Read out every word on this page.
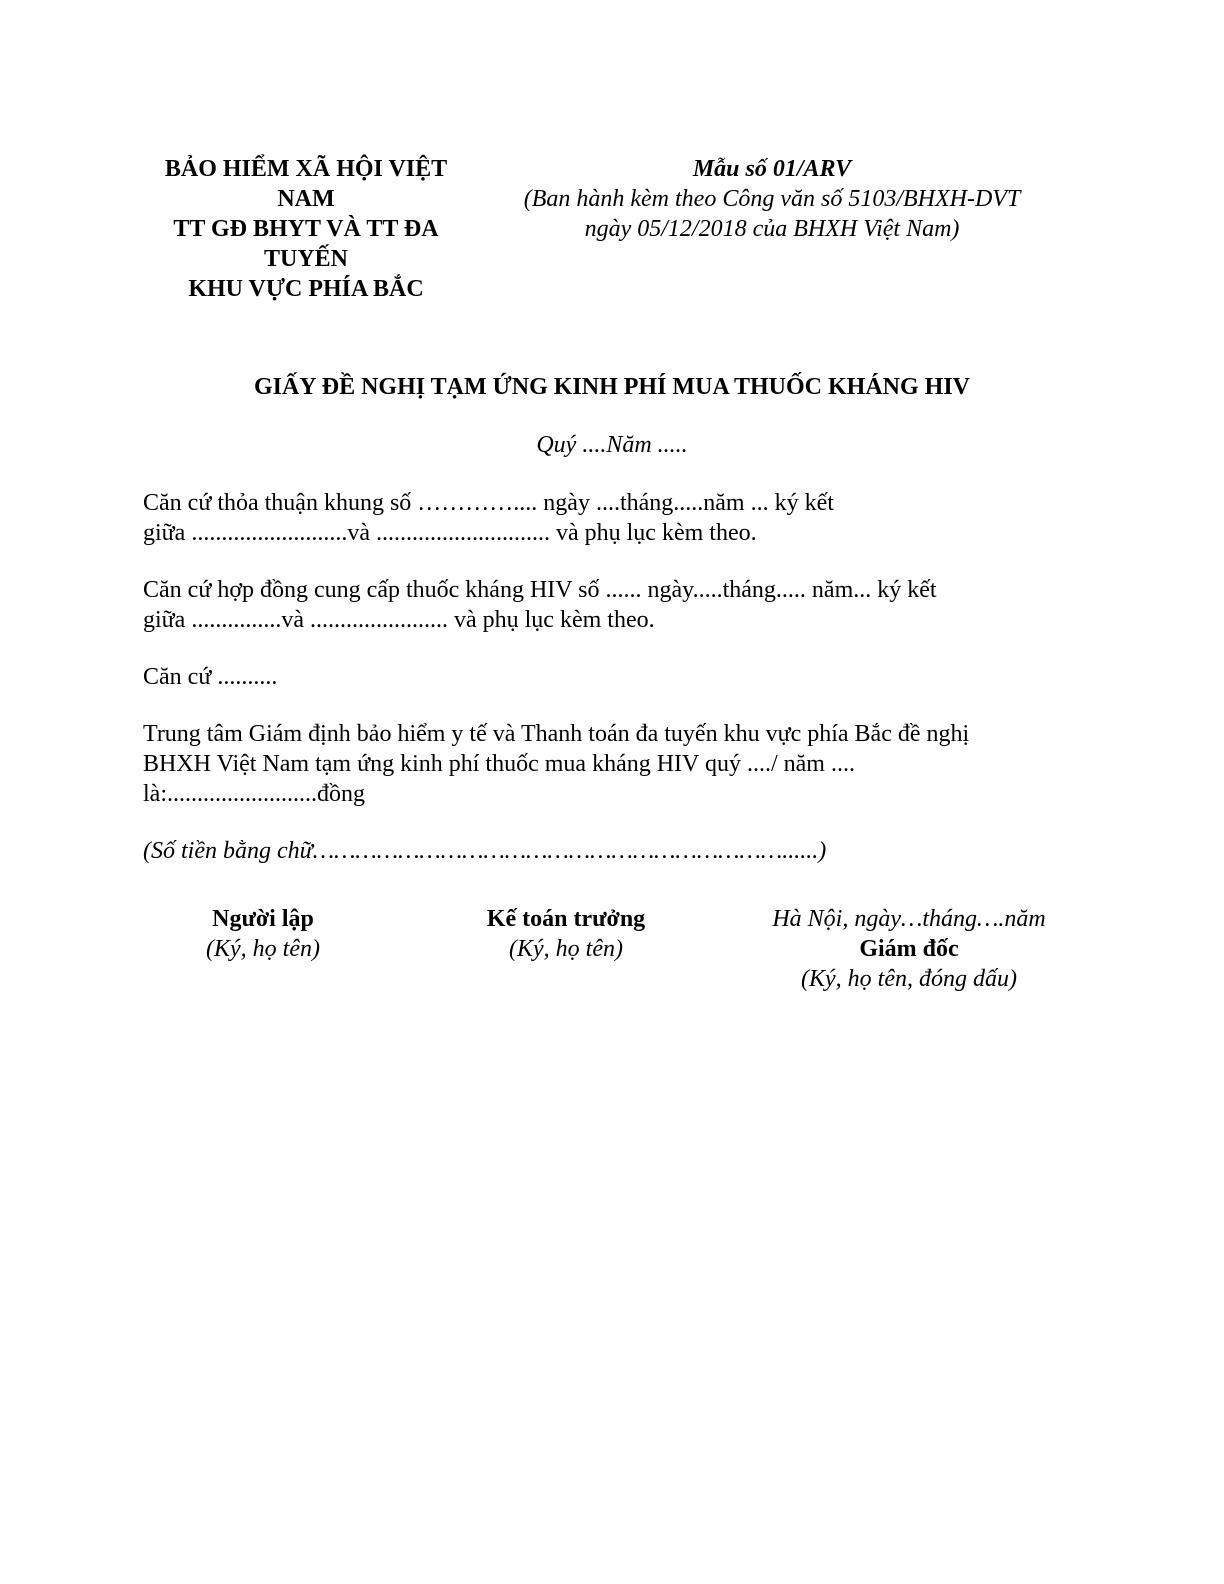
BẢO HIỂM XÃ HỘI VIỆT NAM
TT GĐ BHYT VÀ TT ĐA TUYẾN
KHU VỰC PHÍA BẮC
Mẫu số 01/ARV
(Ban hành kèm theo Công văn số 5103/BHXH-DVT
ngày 05/12/2018 của BHXH Việt Nam)
GIẤY ĐỀ NGHỊ TẠM ỨNG KINH PHÍ MUA THUỐC KHÁNG HIV
Quý ....Năm .....
Căn cứ thỏa thuận khung số ………….... ngày ....tháng.....năm ... ký kết
giữa ..........................và ............................. và phụ lục kèm theo.
Căn cứ hợp đồng cung cấp thuốc kháng HIV số ...... ngày.....tháng..... năm... ký kết
giữa ...............và ....................... và phụ lục kèm theo.
Căn cứ ..........
Trung tâm Giám định bảo hiểm y tế và Thanh toán đa tuyến khu vực phía Bắc đề nghị
BHXH Việt Nam tạm ứng kinh phí thuốc mua kháng HIV quý ..../ năm ....
là:.........................đồng
(Số tiền bằng chữ…………………………………………………………......)
Người lập
(Ký, họ tên)
Kế toán trưởng
(Ký, họ tên)
Hà Nội, ngày…tháng….năm
Giám đốc
(Ký, họ tên, đóng dấu)
